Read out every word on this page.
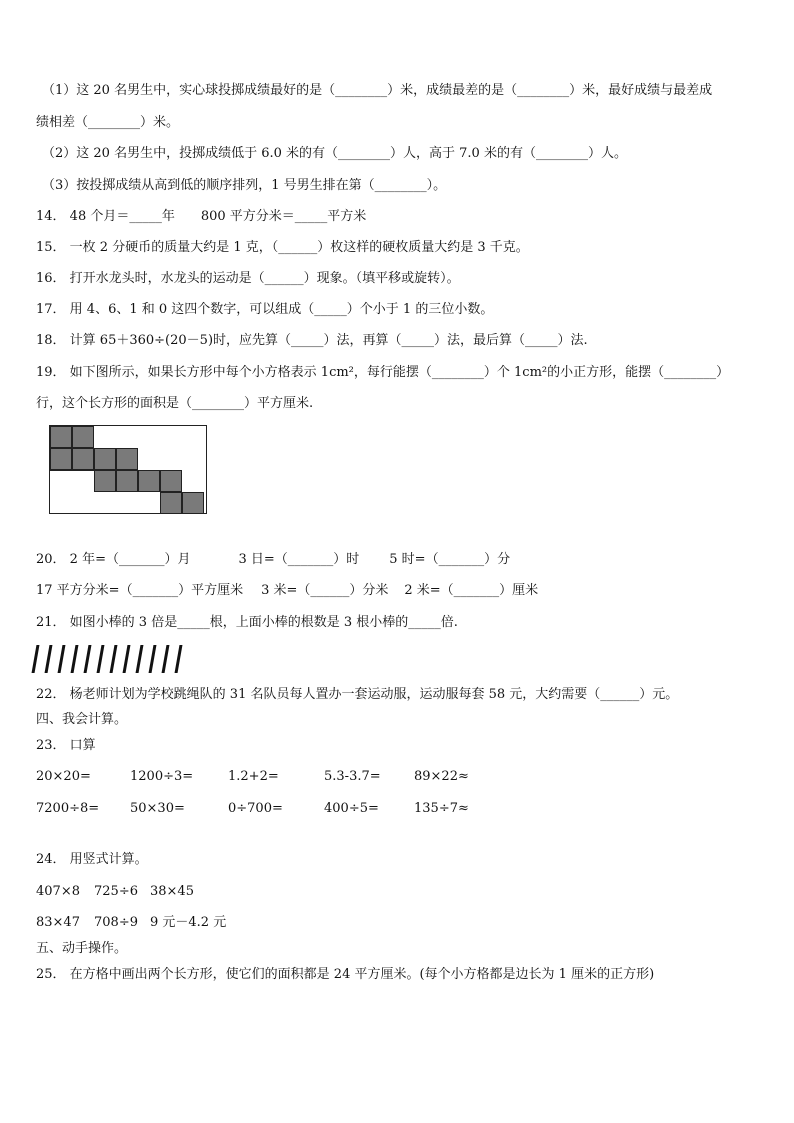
（1）这 20 名男生中，实心球投掷成绩最好的是（________）米，成绩最差的是（________）米，最好成绩与最差成
绩相差（________）米。
（2）这 20 名男生中，投掷成绩低于 6.0 米的有（________）人，高于 7.0 米的有（________）人。
（3）按投掷成绩从高到低的顺序排列，1 号男生排在第（________）。
14． 48 个月＝_____年 800 平方分米＝_____平方米
15． 一枚 2 分硬币的质量大约是 1 克，（______）枚这样的硬枚质量大约是 3 千克。
16． 打开水龙头时，水龙头的运动是（______）现象。（填平移或旋转）。
17． 用 4、6、1 和 0 这四个数字，可以组成（_____）个小于 1 的三位小数。
18． 计算 65＋360÷(20－5)时，应先算（_____）法，再算（_____）法，最后算（_____）法.
19． 如下图所示，如果长方形中每个小方格表示 1cm²，每行能摆（________）个 1cm²的小正方形，能摆（________）
行，这个长方形的面积是（________）平方厘米.
20． 2 年=（_______）月	3 日=（_______）时 5 时=（_______）分
17 平方分米=（_______）平方厘米 3 米=（______）分米 2 米=（_______）厘米
21． 如图小棒的 3 倍是_____根，上面小棒的根数是 3 根小棒的_____倍.
22． 杨老师计划为学校跳绳队的 31 名队员每人置办一套运动服，运动服每套 58 元，大约需要（______）元。
四、我会计算。
23． 口算
20×20=	1200÷3=	1.2+2=	5.3-3.7=	89×22≈
7200÷8= 50×30=	0÷700=	400÷5=	135÷7≈
24． 用竖式计算。
407×8 725÷6 38×45
83×47 708÷9 9 元－4.2 元
五、动手操作。
25． 在方格中画出两个长方形，使它们的面积都是 24 平方厘米。(每个小方格都是边长为 1 厘米的正方形)
